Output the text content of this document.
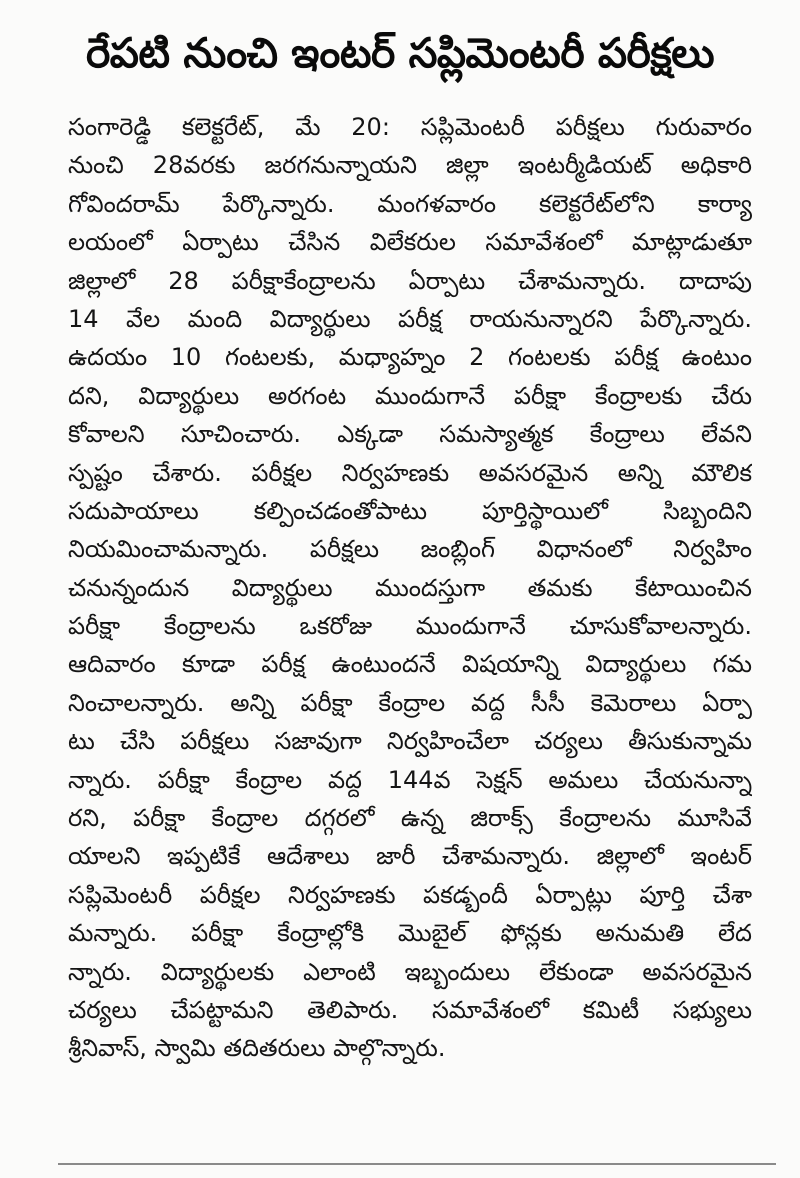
రేపటి నుంచి ఇంటర్ సప్లిమెంటరీ పరీక్షలు
సంగారెడ్డి కలెక్టరేట్, మే 20: సప్లిమెంటరీ పరీక్షలు గురువారం
నుంచి 28వరకు జరగనున్నాయని జిల్లా ఇంటర్మీడియట్ అధికారి
గోవిందరామ్ పేర్కొన్నారు. మంగళవారం కలెక్టరేట్‌లోని కార్యా
లయంలో ఏర్పాటు చేసిన విలేకరుల సమావేశంలో మాట్లాడుతూ
జిల్లాలో 28 పరీక్షాకేంద్రాలను ఏర్పాటు చేశామన్నారు. దాదాపు
14 వేల మంది విద్యార్థులు పరీక్ష రాయనున్నారని పేర్కొన్నారు.
ఉదయం 10 గంటలకు, మధ్యాహ్నం 2 గంటలకు పరీక్ష ఉంటుం
దని, విద్యార్థులు అరగంట ముందుగానే పరీక్షా కేంద్రాలకు చేరు
కోవాలని సూచించారు. ఎక్కడా సమస్యాత్మక కేంద్రాలు లేవని
స్పష్టం చేశారు. పరీక్షల నిర్వహణకు అవసరమైన అన్ని మౌలిక
సదుపాయాలు కల్పించడంతోపాటు పూర్తిస్థాయిలో సిబ్బందిని
నియమించామన్నారు. పరీక్షలు జంబ్లింగ్ విధానంలో నిర్వహిం
చనున్నందున విద్యార్థులు ముందస్తుగా తమకు కేటాయించిన
పరీక్షా కేంద్రాలను ఒకరోజు ముందుగానే చూసుకోవాలన్నారు.
ఆదివారం కూడా పరీక్ష ఉంటుందనే విషయాన్ని విద్యార్థులు గమ
నించాలన్నారు. అన్ని పరీక్షా కేంద్రాల వద్ద సీసీ కెమెరాలు ఏర్పా
టు చేసి పరీక్షలు సజావుగా నిర్వహించేలా చర్యలు తీసుకున్నామ
న్నారు. పరీక్షా కేంద్రాల వద్ద 144వ సెక్షన్ అమలు చేయనున్నా
రని, పరీక్షా కేంద్రాల దగ్గరలో ఉన్న జిరాక్స్ కేంద్రాలను మూసివే
యాలని ఇప్పటికే ఆదేశాలు జారీ చేశామన్నారు. జిల్లాలో ఇంటర్
సప్లిమెంటరీ పరీక్షల నిర్వహణకు పకడ్బందీ ఏర్పాట్లు పూర్తి చేశా
మన్నారు. పరీక్షా కేంద్రాల్లోకి మొబైల్ ఫోన్లకు అనుమతి లేద
న్నారు. విద్యార్థులకు ఎలాంటి ఇబ్బందులు లేకుండా అవసరమైన
చర్యలు చేపట్టామని తెలిపారు. సమావేశంలో కమిటీ సభ్యులు
శ్రీనివాస్, స్వామి తదితరులు పాల్గొన్నారు.
